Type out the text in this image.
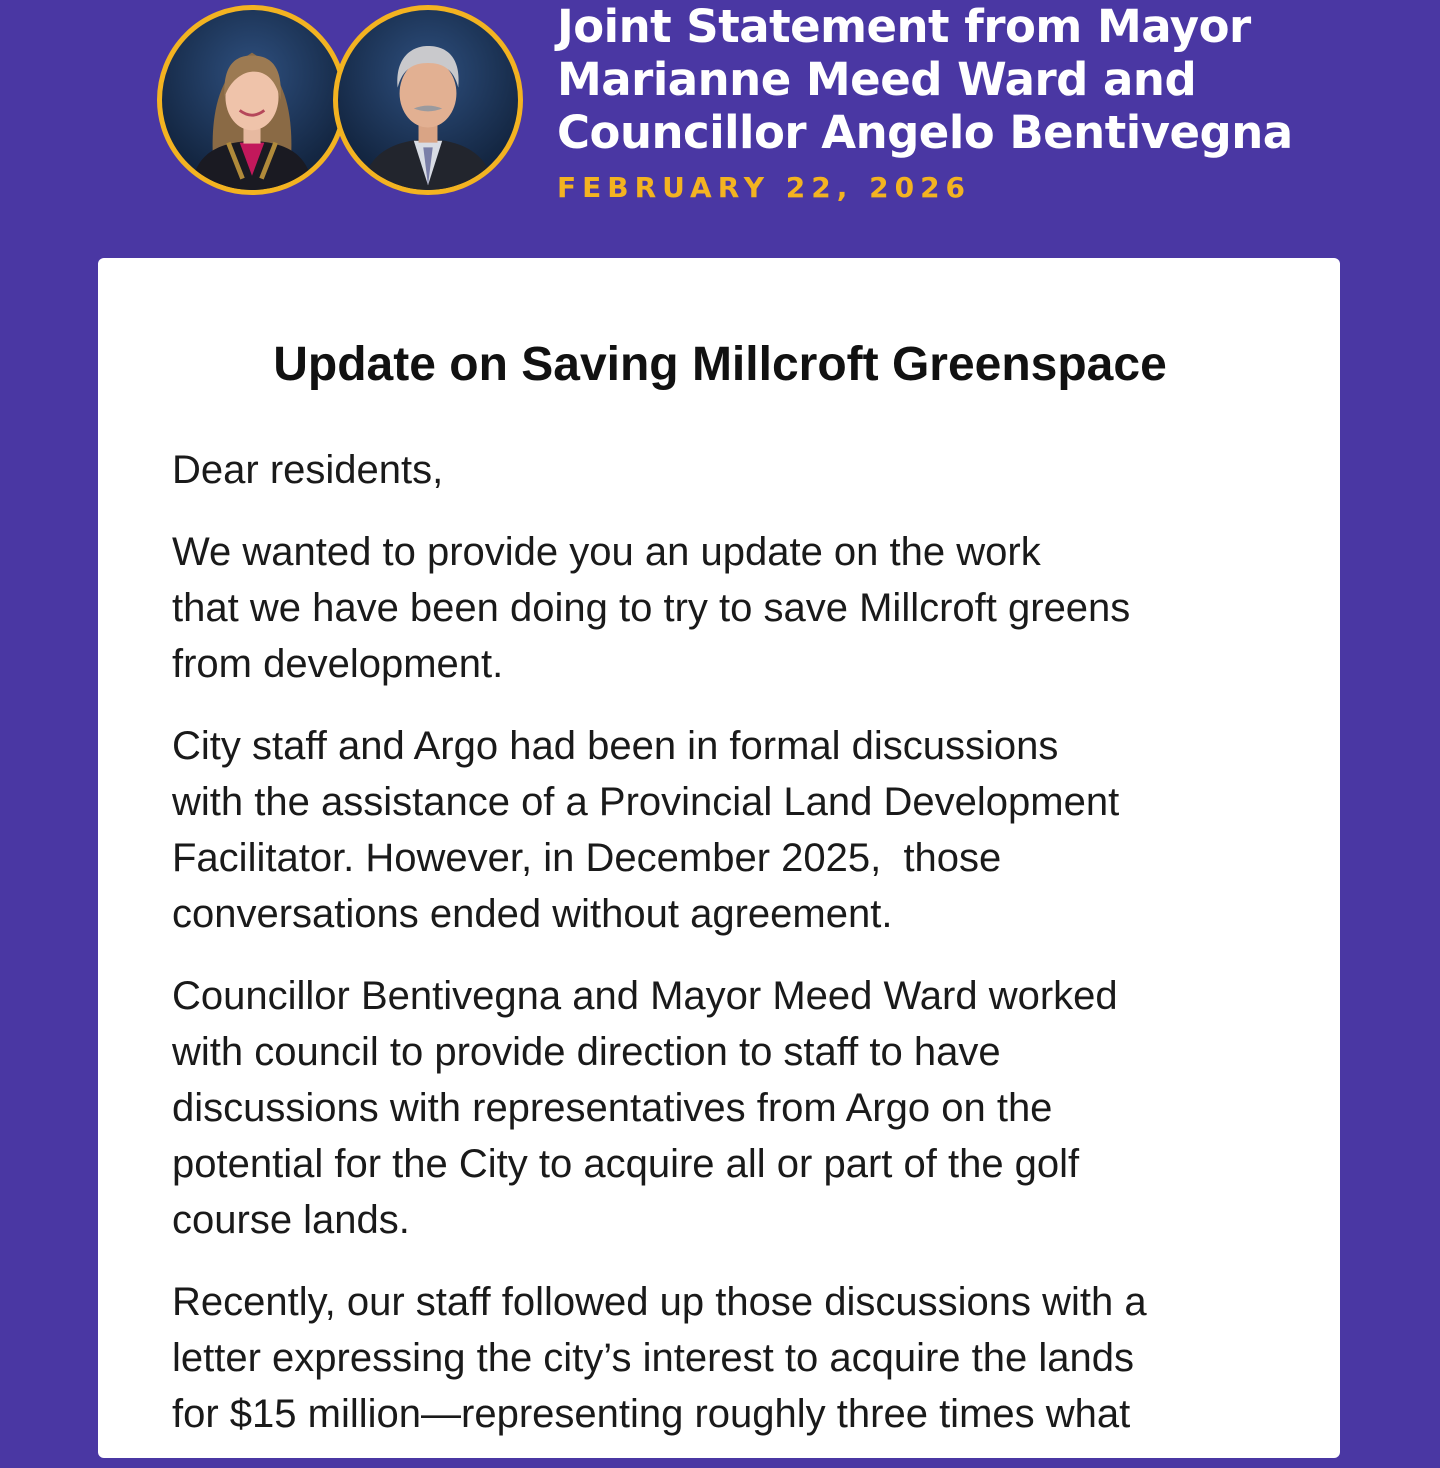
Joint Statement from Mayor
Marianne Meed Ward and
Councillor Angelo Bentivegna
FEBRUARY 22, 2026
Update on Saving Millcroft Greenspace
Dear residents,
We wanted to provide you an update on the work
that we have been doing to try to save Millcroft greens
from development.
City staff and Argo had been in formal discussions
with the assistance of a Provincial Land Development
Facilitator. However, in December 2025,  those
conversations ended without agreement.
Councillor Bentivegna and Mayor Meed Ward worked
with council to provide direction to staff to have
discussions with representatives from Argo on the
potential for the City to acquire all or part of the golf
course lands.
Recently, our staff followed up those discussions with a
letter expressing the city’s interest to acquire the lands
for $15 million—representing roughly three times what
